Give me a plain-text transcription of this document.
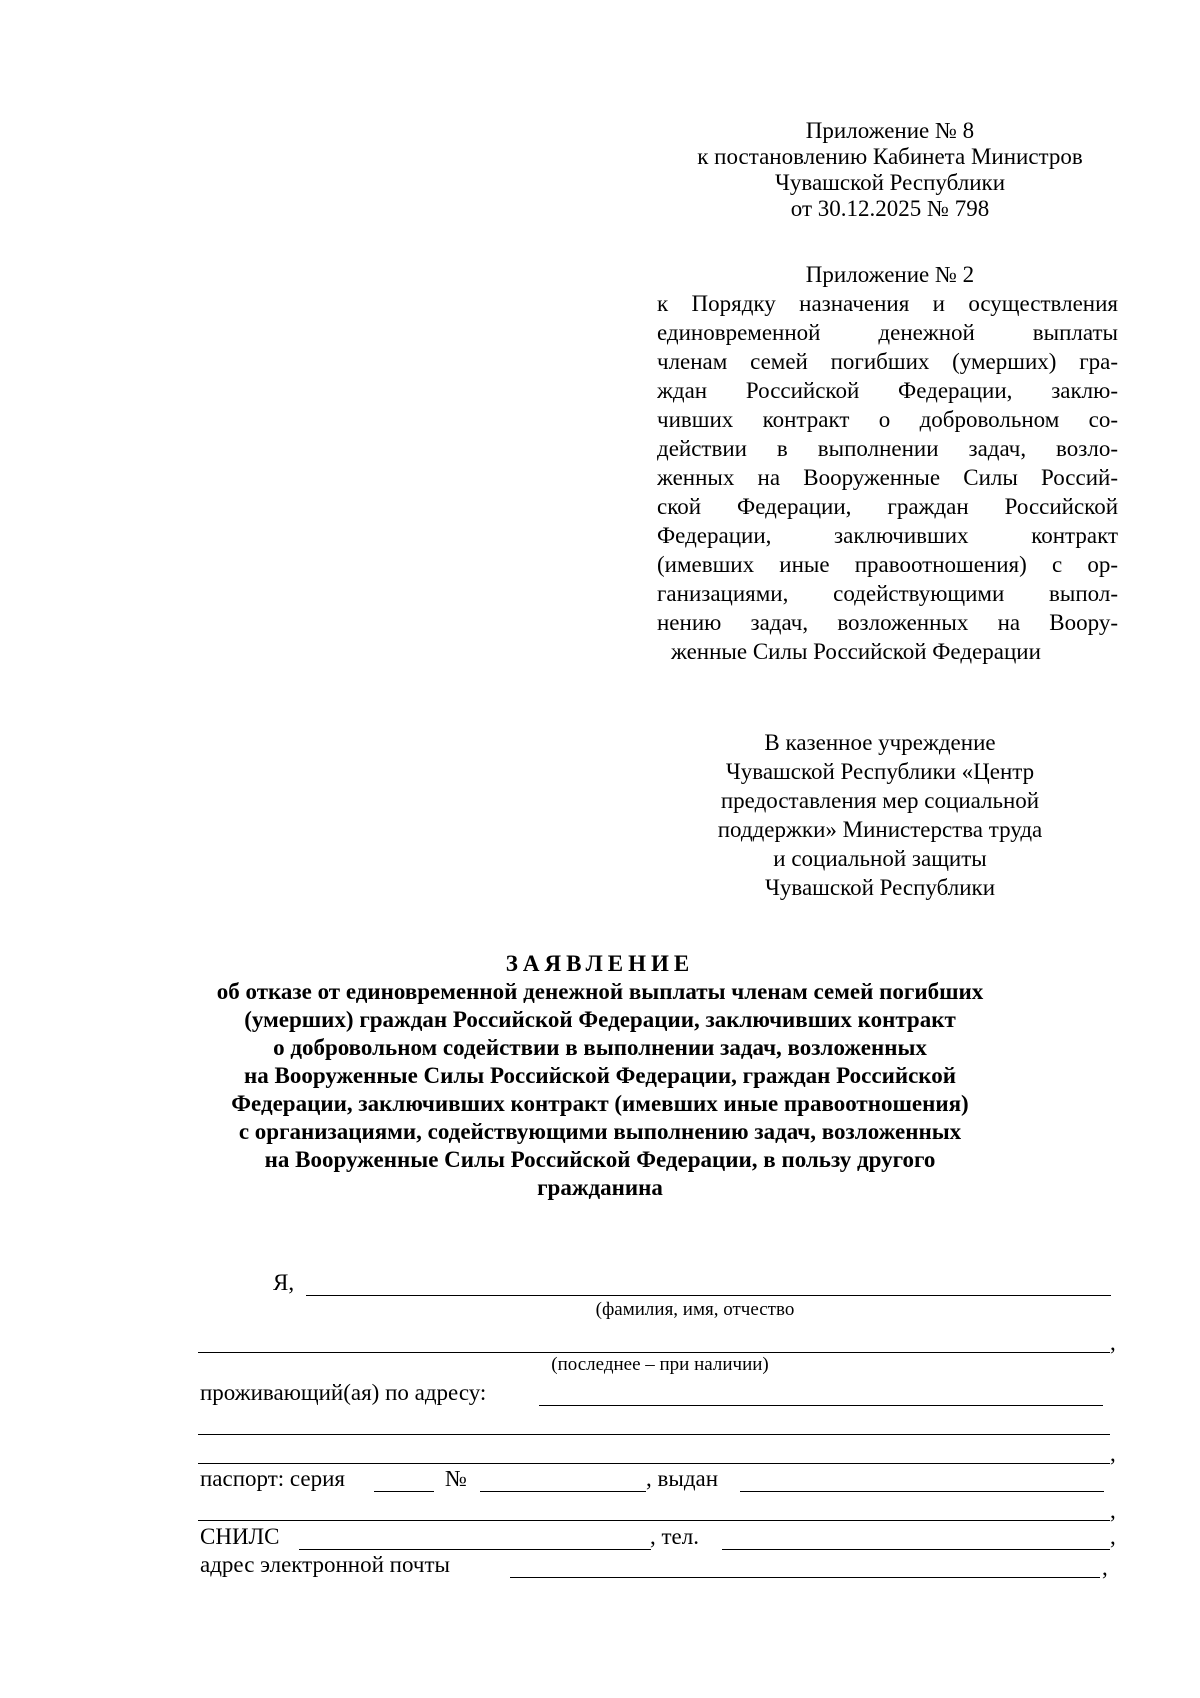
Приложение № 8
к постановлению Кабинета Министров
Чувашской Республики
от 30.12.2025 № 798
Приложение № 2
к Порядку назначения и осуществления
единовременной денежной выплаты
членам семей погибших (умерших) гра-
ждан Российской Федерации, заклю-
чивших контракт о добровольном со-
действии в выполнении задач, возло-
женных на Вооруженные Силы Россий-
ской Федерации, граждан Российской
Федерации, заключивших контракт
(имевших иные правоотношения) с ор-
ганизациями, содействующими выпол-
нению задач, возложенных на Воору-
женные Силы Российской Федерации
В казенное учреждение
Чувашской Республики «Центр
предоставления мер социальной
поддержки» Министерства труда
и социальной защиты
Чувашской Республики
ЗАЯВЛЕНИЕ
об отказе от единовременной денежной выплаты членам семей погибших
(умерших) граждан Российской Федерации, заключивших контракт
о добровольном содействии в выполнении задач, возложенных
на Вооруженные Силы Российской Федерации, граждан Российской
Федерации, заключивших контракт (имевших иные правоотношения)
с организациями, содействующими выполнению задач, возложенных
на Вооруженные Силы Российской Федерации, в пользу другого
гражданина
Я,
(фамилия, имя, отчество
,
(последнее – при наличии)
проживающий(ая) по адресу:
,
паспорт: серия	№	, выдан
,
СНИЛС	, тел.	,
адрес электронной почты	,
